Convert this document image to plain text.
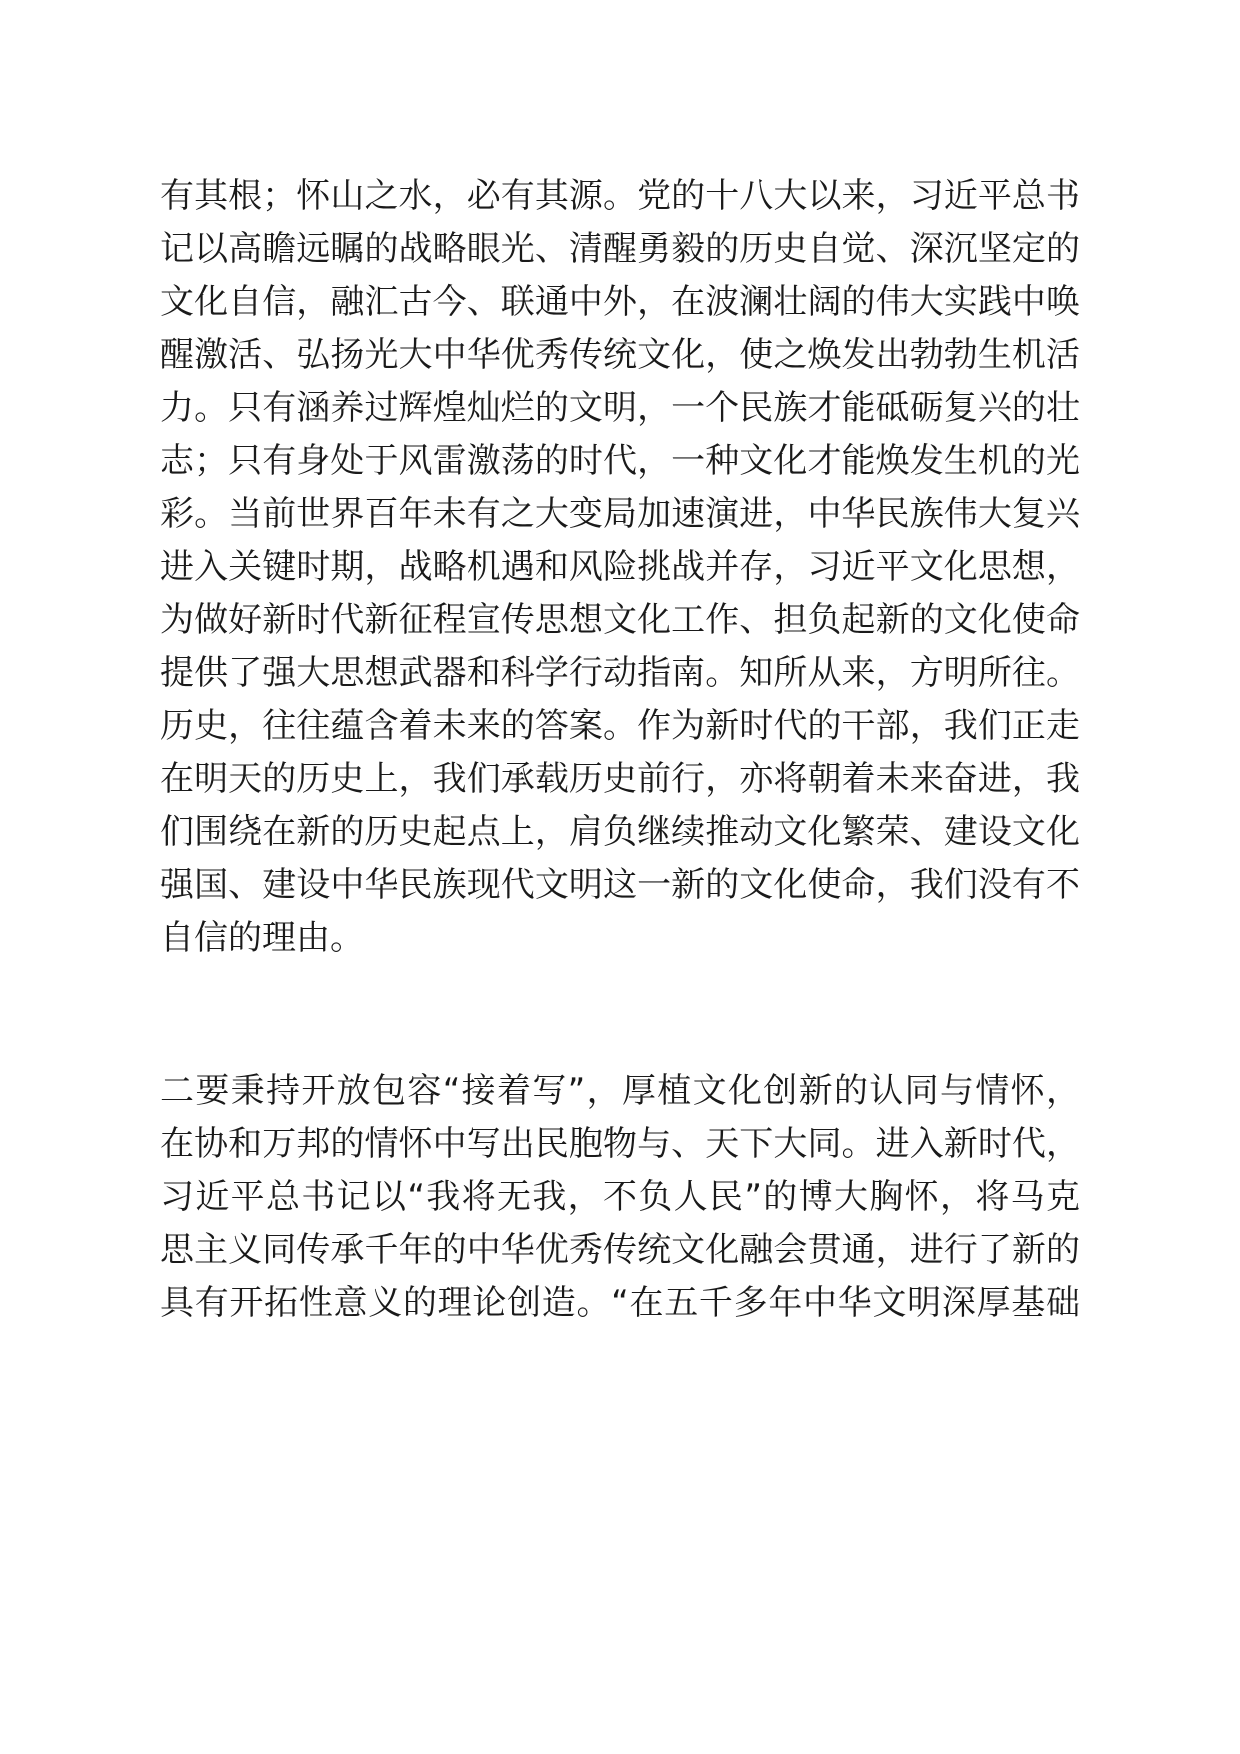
有其根；怀山之水，必有其源。党的十八大以来，习近平总书
记以高瞻远瞩的战略眼光、清醒勇毅的历史自觉、深沉坚定的
文化自信，融汇古今、联通中外，在波澜壮阔的伟大实践中唤
醒激活、弘扬光大中华优秀传统文化，使之焕发出勃勃生机活
力。只有涵养过辉煌灿烂的文明，一个民族才能砥砺复兴的壮
志；只有身处于风雷激荡的时代，一种文化才能焕发生机的光
彩。当前世界百年未有之大变局加速演进，中华民族伟大复兴
进入关键时期，战略机遇和风险挑战并存，习近平文化思想，
为做好新时代新征程宣传思想文化工作、担负起新的文化使命
提供了强大思想武器和科学行动指南。知所从来，方明所往。
历史，往往蕴含着未来的答案。作为新时代的干部，我们正走
在明天的历史上，我们承载历史前行，亦将朝着未来奋进，我
们围绕在新的历史起点上，肩负继续推动文化繁荣、建设文化
强国、建设中华民族现代文明这一新的文化使命，我们没有不
自信的理由。
二要秉持开放包容“接着写”，厚植文化创新的认同与情怀，
在协和万邦的情怀中写出民胞物与、天下大同。进入新时代，
习近平总书记以“我将无我，不负人民”的博大胸怀，将马克
思主义同传承千年的中华优秀传统文化融会贯通，进行了新的
具有开拓性意义的理论创造。“在五千多年中华文明深厚基础
